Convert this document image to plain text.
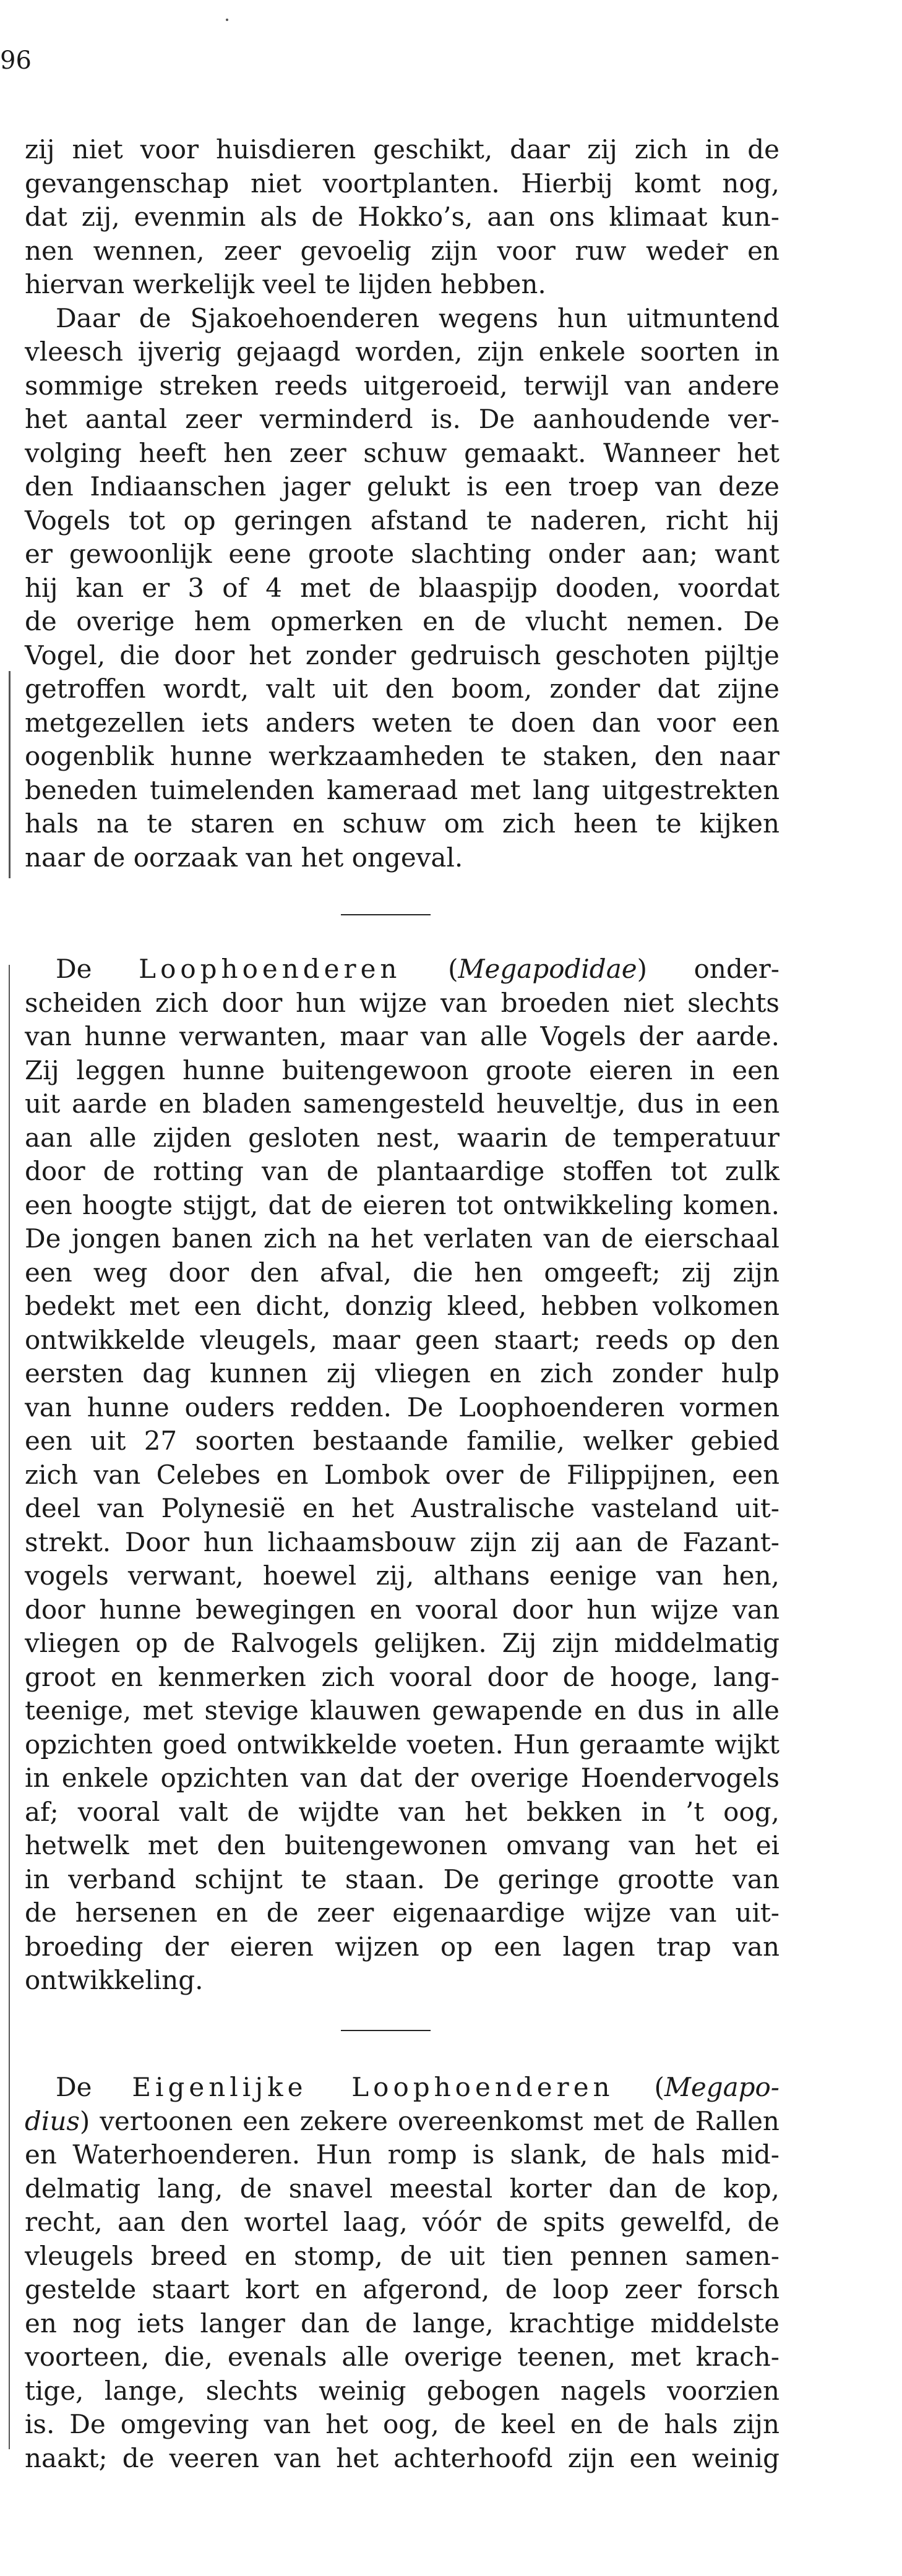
96

zij niet voor huisdieren geschikt, daar zij zich in de
gevangenschap niet voortplanten. Hierbij komt nog,
dat zij, evenmin als de Hokko’s, aan ons klimaat kun-
nen wennen, zeer gevoelig zijn voor ruw weder en
hiervan werkelijk veel te lijden hebben.
Daar de Sjakoehoenderen wegens hun uitmuntend
vleesch ijverig gejaagd worden, zijn enkele soorten in
sommige streken reeds uitgeroeid, terwijl van andere
het aantal zeer verminderd is. De aanhoudende ver-
volging heeft hen zeer schuw gemaakt. Wanneer het
den Indiaanschen jager gelukt is een troep van deze
Vogels tot op geringen afstand te naderen, richt hij
er gewoonlijk eene groote slachting onder aan; want
hij kan er 3 of 4 met de blaaspijp dooden, voordat
de overige hem opmerken en de vlucht nemen. De
Vogel, die door het zonder gedruisch geschoten pijltje
getroffen wordt, valt uit den boom, zonder dat zijne
metgezellen iets anders weten te doen dan voor een
oogenblik hunne werkzaamheden te staken, den naar
beneden tuimelenden kameraad met lang uitgestrekten
hals na te staren en schuw om zich heen te kijken
naar de oorzaak van het ongeval.

De Loophoenderen (Megapodidae) onder-

scheiden zich door hun wijze van broeden niet slechts
van hunne verwanten, maar van alle Vogels der aarde.
Zij leggen hunne buitengewoon groote eieren in een
uit aarde en bladen samengesteld heuveltje, dus in een
aan alle zijden gesloten nest, waarin de temperatuur
door de rotting van de plantaardige stoffen tot zulk
een hoogte stijgt, dat de eieren tot ontwikkeling komen.
De jongen banen zich na het verlaten van de eierschaal
een weg door den afval, die hen omgeeft; zij zijn
bedekt met een dicht, donzig kleed, hebben volkomen
ontwikkelde vleugels, maar geen staart; reeds op den
eersten dag kunnen zij vliegen en zich zonder hulp
van hunne ouders redden. De Loophoenderen vormen
een uit 27 soorten bestaande familie, welker gebied
zich van Celebes en Lombok over de Filippijnen, een
deel van Polynesië en het Australische vasteland uit-
strekt. Door hun lichaamsbouw zijn zij aan de Fazant-
vogels verwant, hoewel zij, althans eenige van hen,
door hunne bewegingen en vooral door hun wijze van
vliegen op de Ralvogels gelijken. Zij zijn middelmatig
groot en kenmerken zich vooral door de hooge, lang-
teenige, met stevige klauwen gewapende en dus in alle
opzichten goed ontwikkelde voeten. Hun geraamte wijkt
in enkele opzichten van dat der overige Hoendervogels
af; vooral valt de wijdte van het bekken in ’t oog,
hetwelk met den buitengewonen omvang van het ei
in verband schijnt te staan. De geringe grootte van
de hersenen en de zeer eigenaardige wijze van uit-
broeding der eieren wijzen op een lagen trap van
ontwikkeling.

De Eigenlijke Loophoenderen (Megapo-
dius) vertoonen een zekere overeenkomst met de Rallen

en Waterhoenderen. Hun romp is slank, de hals mid-
delmatig lang, de snavel meestal korter dan de kop,
recht, aan den wortel laag, vóór de spits gewelfd, de
vleugels breed en stomp, de uit tien pennen samen-
gestelde staart kort en afgerond, de loop zeer forsch
en nog iets langer dan de lange, krachtige middelste
voorteen, die, evenals alle overige teenen, met krach-
tige, lange, slechts weinig gebogen nagels voorzien
is. De omgeving van het oog, de keel en de hals zijn
naakt; de veeren van het achterhoofd zijn een weinig
